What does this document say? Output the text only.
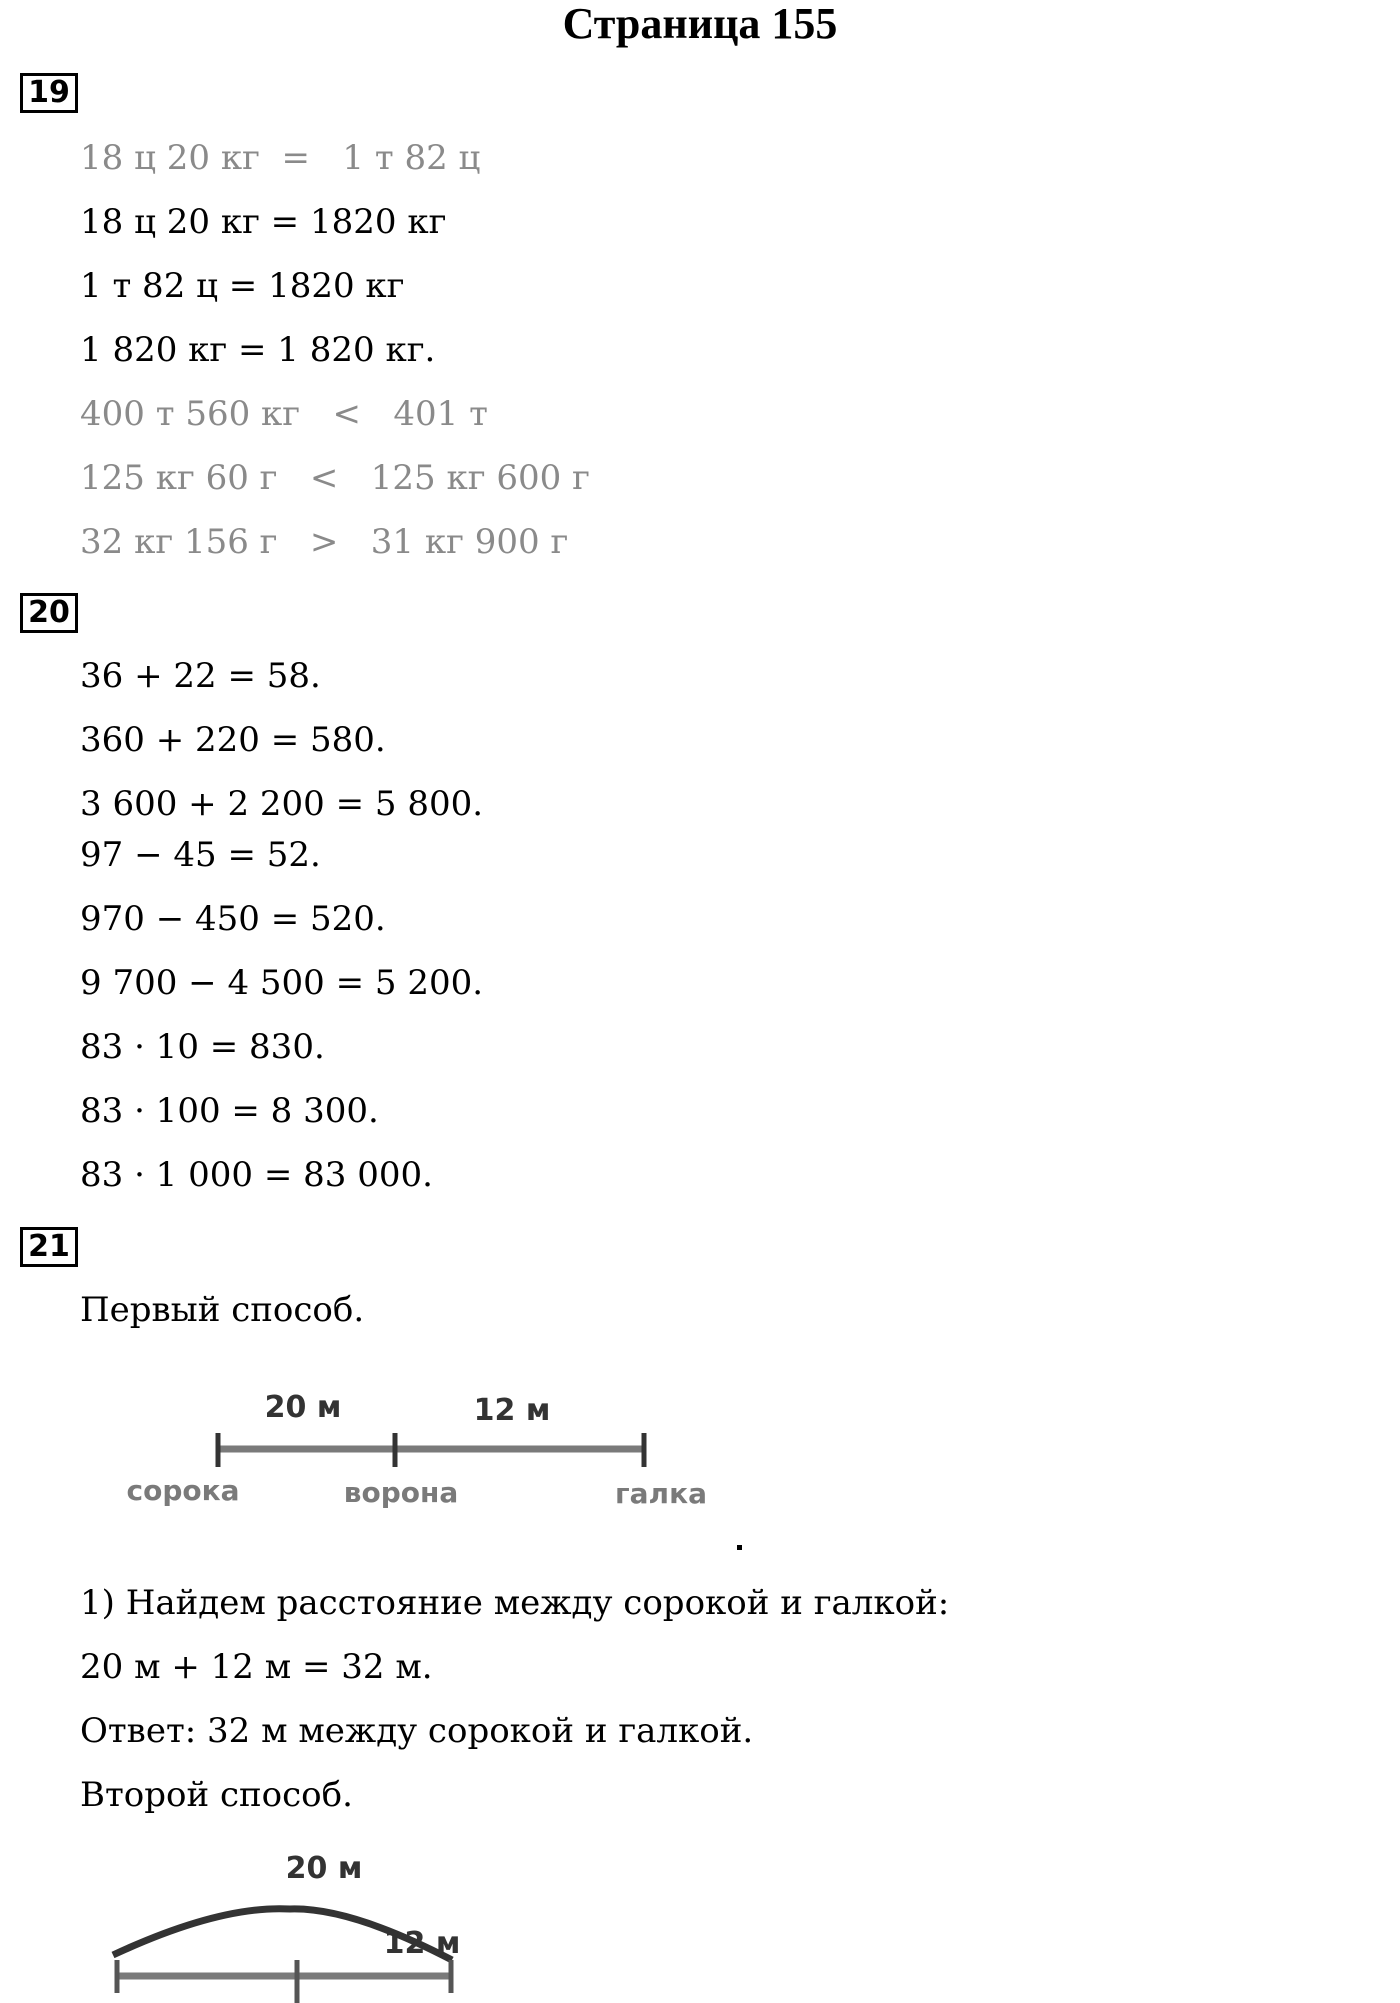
Страница 155
19
18 ц 20 кг  =   1 т 82 ц
18 ц 20 кг = 1820 кг
1 т 82 ц = 1820 кг
1 820 кг = 1 820 кг.
400 т 560 кг   <   401 т
125 кг 60 г   <   125 кг 600 г
32 кг 156 г   >   31 кг 900 г
20
36 + 22 = 58.
360 + 220 = 580.
3 600 + 2 200 = 5 800.
97 − 45 = 52.
970 − 450 = 520.
9 700 − 4 500 = 5 200.
83 · 10 = 830.
83 · 100 = 8 300.
83 · 1 000 = 83 000.
21
Первый способ.
20 м	12 м
сорока	ворона	галка
1) Найдем расстояние между сорокой и галкой:
20 м + 12 м = 32 м.
Ответ: 32 м между сорокой и галкой.
Второй способ.
20 м
12 м
